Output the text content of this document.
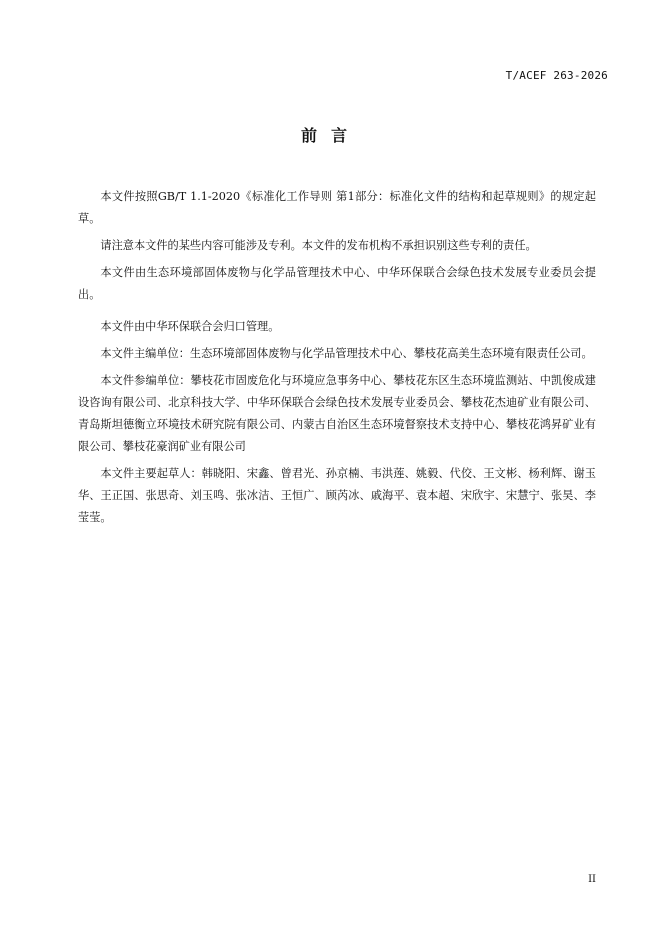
T/ACEF 263-2026
前言

本文件按照GB/T 1.1-2020《标准化工作导则 第1部分：标准化文件的结构和起草规则》的规定起草。

请注意本文件的某些内容可能涉及专利。本文件的发布机构不承担识别这些专利的责任。

本文件由生态环境部固体废物与化学品管理技术中心、中华环保联合会绿色技术发展专业委员会提出。

本文件由中华环保联合会归口管理。

本文件主编单位：生态环境部固体废物与化学品管理技术中心、攀枝花高美生态环境有限责任公司。

本文件参编单位：攀枝花市固废危化与环境应急事务中心、攀枝花东区生态环境监测站、中凯俊成建设咨询有限公司、北京科技大学、中华环保联合会绿色技术发展专业委员会、攀枝花杰迪矿业有限公司、青岛斯坦德衡立环境技术研究院有限公司、内蒙古自治区生态环境督察技术支持中心、攀枝花鸿昇矿业有限公司、攀枝花豪润矿业有限公司

本文件主要起草人：韩晓阳、宋鑫、曾君光、孙京楠、韦洪莲、姚毅、代佼、王文彬、杨利辉、谢玉华、王正国、张思奇、刘玉鸣、张冰洁、王恒广、顾芮冰、戚海平、袁本超、宋欣宇、宋慧宁、张昊、李莹莹。

II
